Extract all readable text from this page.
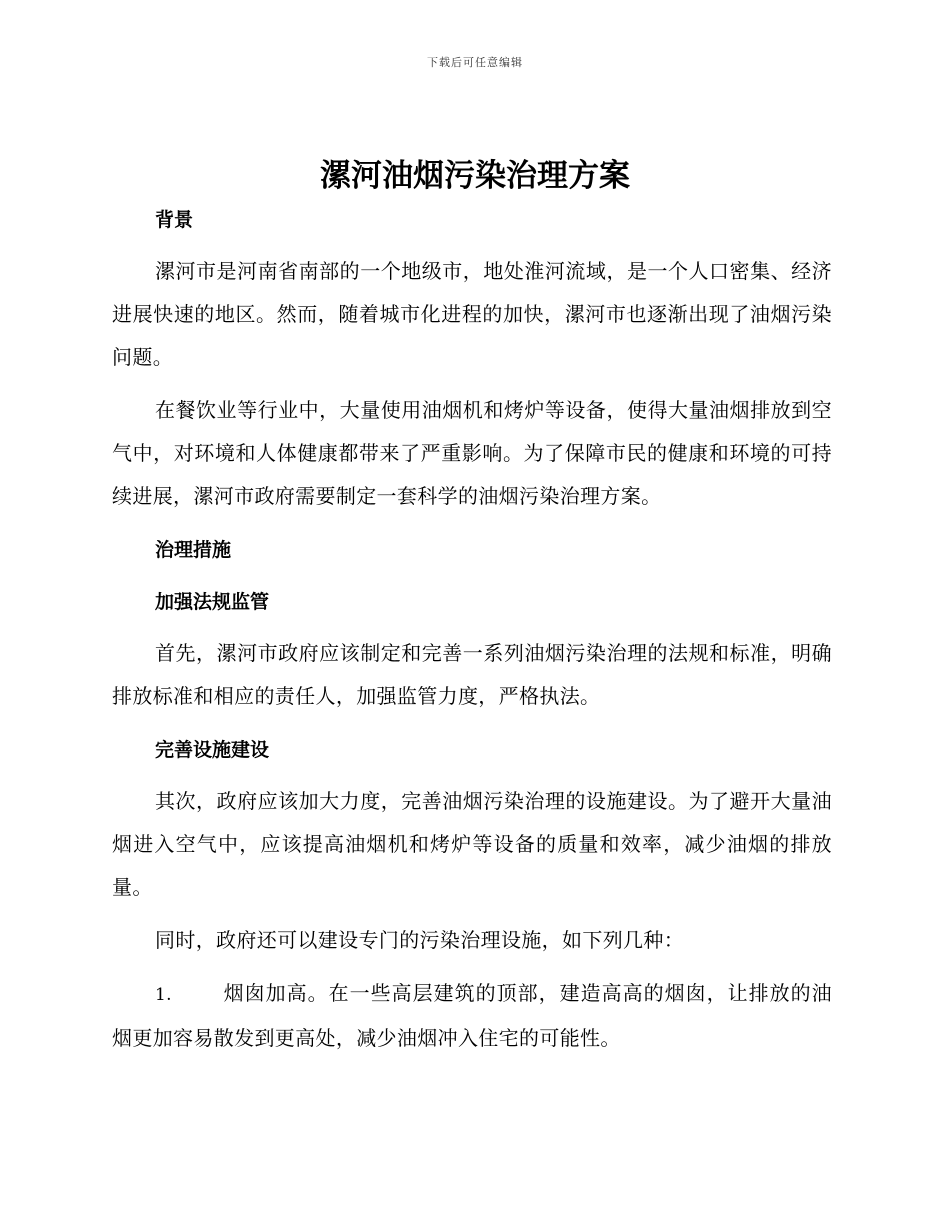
下载后可任意编辑
漯河油烟污染治理方案
背景
漯河市是河南省南部的一个地级市，地处淮河流域，是一个人口密集、经济进展快速的地区。然而，随着城市化进程的加快，漯河市也逐渐出现了油烟污染问题。
在餐饮业等行业中，大量使用油烟机和烤炉等设备，使得大量油烟排放到空气中，对环境和人体健康都带来了严重影响。为了保障市民的健康和环境的可持续进展，漯河市政府需要制定一套科学的油烟污染治理方案。
治理措施
加强法规监管
首先，漯河市政府应该制定和完善一系列油烟污染治理的法规和标准，明确排放标准和相应的责任人，加强监管力度，严格执法。
完善设施建设
其次，政府应该加大力度，完善油烟污染治理的设施建设。为了避开大量油烟进入空气中，应该提高油烟机和烤炉等设备的质量和效率，减少油烟的排放量。
同时，政府还可以建设专门的污染治理设施，如下列几种：
1.	烟囱加高。在一些高层建筑的顶部，建造高高的烟囱，让排放的油烟更加容易散发到更高处，减少油烟冲入住宅的可能性。
